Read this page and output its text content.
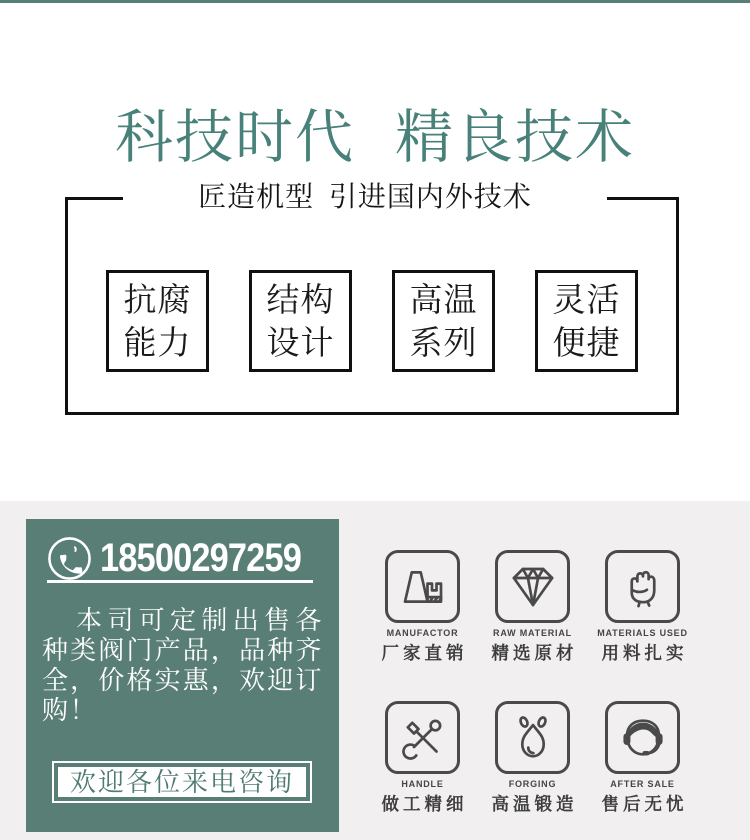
科技时代 精良技术
抗腐
能力
结构
设计
高温
系列
灵活
便捷
匠造机型 引进国内外技术
18500297259
本司可定制出售各种类阀门产品，品种齐全，价格实惠，欢迎订购！
欢迎各位来电咨询
MANUFACTOR
厂家直销
RAW MATERIAL
精选原材
MATERIALS USED
用料扎实
HANDLE
做工精细
FORGING
高温锻造
AFTER SALE
售后无忧
